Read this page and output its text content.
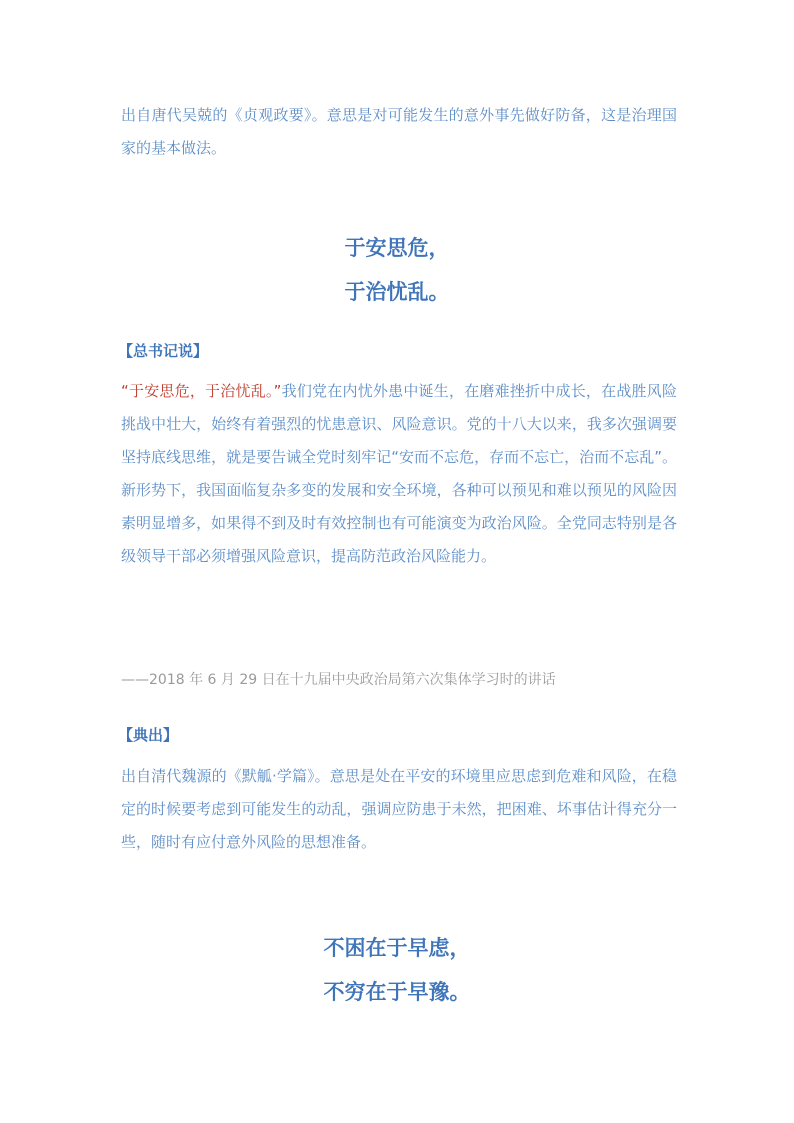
出自唐代吴兢的《贞观政要》。意思是对可能发生的意外事先做好防备，这是治理国家的基本做法。

于安思危，
于治忧乱。

【总书记说】

“于安思危，于治忧乱。”我们党在内忧外患中诞生，在磨难挫折中成长，在战胜风险挑战中壮大，始终有着强烈的忧患意识、风险意识。党的十八大以来，我多次强调要坚持底线思维，就是要告诫全党时刻牢记“安而不忘危，存而不忘亡，治而不忘乱”。新形势下，我国面临复杂多变的发展和安全环境，各种可以预见和难以预见的风险因素明显增多，如果得不到及时有效控制也有可能演变为政治风险。全党同志特别是各级领导干部必须增强风险意识，提高防范政治风险能力。

——2018 年 6 月 29 日在十九届中央政治局第六次集体学习时的讲话

【典出】

出自清代魏源的《默觚·学篇》。意思是处在平安的环境里应思虑到危难和风险，在稳定的时候要考虑到可能发生的动乱，强调应防患于未然，把困难、坏事估计得充分一些，随时有应付意外风险的思想准备。

不困在于早虑，
不穷在于早豫。
